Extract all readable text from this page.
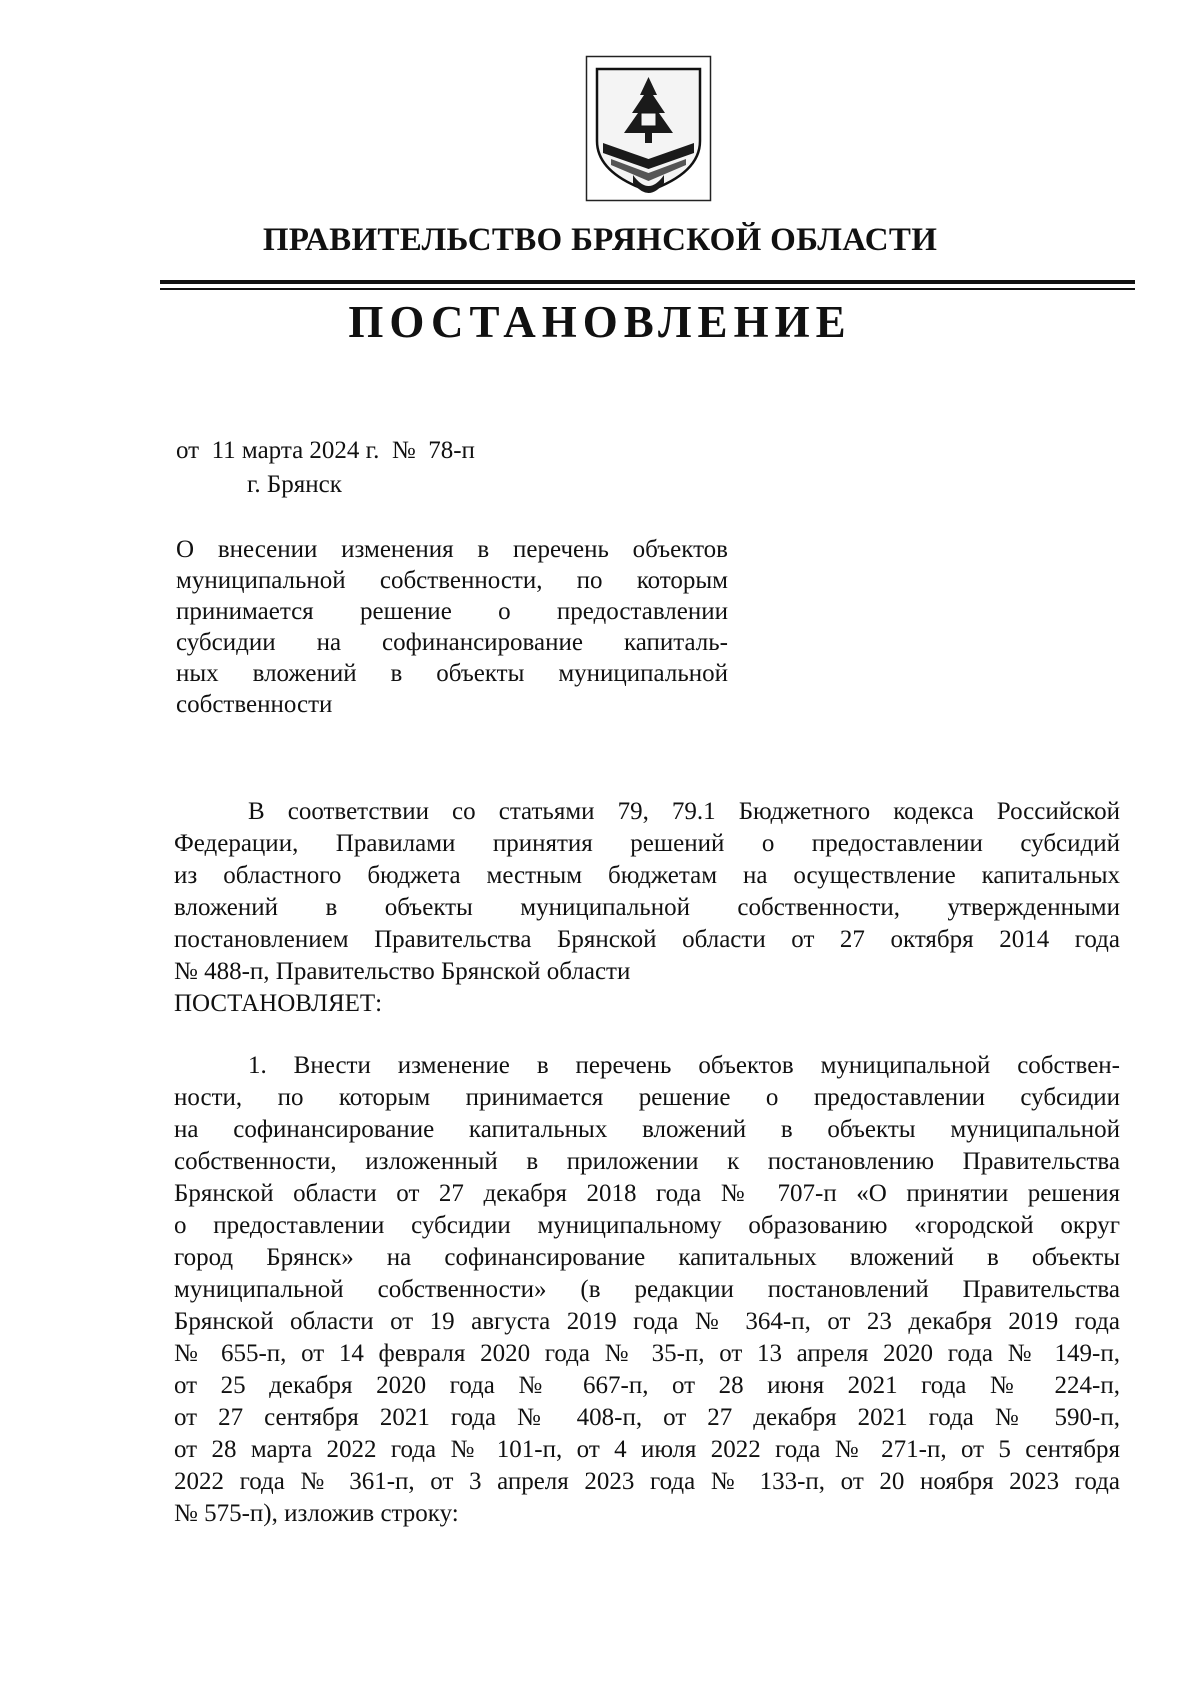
ПРАВИТЕЛЬСТВО БРЯНСКОЙ ОБЛАСТИ
ПОСТАНОВЛЕНИЕ
от  11 марта 2024 г.  №  78-п
г. Брянск
О внесении изменения в перечень объектов
муниципальной собственности, по которым
принимается решение о предоставлении
субсидии на софинансирование капиталь-
ных вложений в объекты муниципальной
собственности
В соответствии со статьями 79, 79.1 Бюджетного кодекса Российской
Федерации, Правилами принятия решений о предоставлении субсидий
из областного бюджета местным бюджетам на осуществление капитальных
вложений в объекты муниципальной собственности, утвержденными
постановлением Правительства Брянской области от 27 октября 2014 года
№ 488-п, Правительство Брянской области
ПОСТАНОВЛЯЕТ:
1. Внести изменение в перечень объектов муниципальной собствен-
ности, по которым принимается решение о предоставлении субсидии
на софинансирование капитальных вложений в объекты муниципальной
собственности, изложенный в приложении к постановлению Правительства
Брянской области от 27 декабря 2018 года № 707-п «О принятии решения
о предоставлении субсидии муниципальному образованию «городской округ
город Брянск» на софинансирование капитальных вложений в объекты
муниципальной собственности» (в редакции постановлений Правительства
Брянской области от 19 августа 2019 года № 364-п, от 23 декабря 2019 года
№ 655-п, от 14 февраля 2020 года № 35-п, от 13 апреля 2020 года № 149-п,
от 25 декабря 2020 года № 667-п, от 28 июня 2021 года № 224-п,
от 27 сентября 2021 года № 408-п, от 27 декабря 2021 года № 590-п,
от 28 марта 2022 года № 101-п, от 4 июля 2022 года № 271-п, от 5 сентября
2022 года № 361-п, от 3 апреля 2023 года № 133-п, от 20 ноября 2023 года
№ 575-п), изложив строку:
